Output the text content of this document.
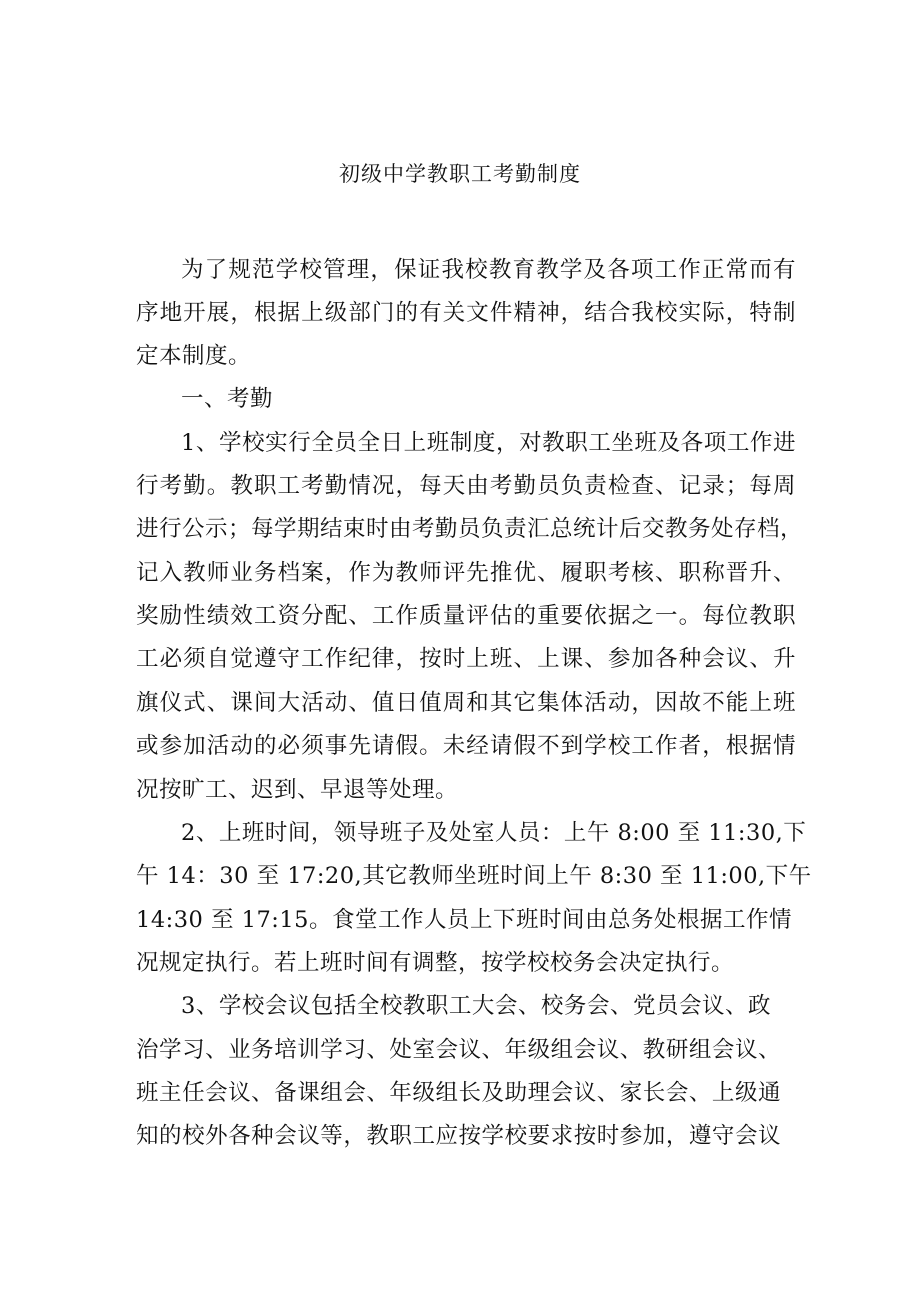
初级中学教职工考勤制度
为了规范学校管理，保证我校教育教学及各项工作正常而有
序地开展，根据上级部门的有关文件精神，结合我校实际，特制
定本制度。
一、考勤
1、学校实行全员全日上班制度，对教职工坐班及各项工作进
行考勤。教职工考勤情况，每天由考勤员负责检查、记录；每周
进行公示；每学期结束时由考勤员负责汇总统计后交教务处存档，
记入教师业务档案，作为教师评先推优、履职考核、职称晋升、
奖励性绩效工资分配、工作质量评估的重要依据之一。每位教职
工必须自觉遵守工作纪律，按时上班、上课、参加各种会议、升
旗仪式、课间大活动、值日值周和其它集体活动，因故不能上班
或参加活动的必须事先请假。未经请假不到学校工作者，根据情
况按旷工、迟到、早退等处理。
2、上班时间，领导班子及处室人员：上午 8:00 至 11:30,下
午 14：30 至 17:20,其它教师坐班时间上午 8:30 至 11:00,下午
14:30 至 17:15。食堂工作人员上下班时间由总务处根据工作情
况规定执行。若上班时间有调整，按学校校务会决定执行。
3、学校会议包括全校教职工大会、校务会、党员会议、政
治学习、业务培训学习、处室会议、年级组会议、教研组会议、
班主任会议、备课组会、年级组长及助理会议、家长会、上级通
知的校外各种会议等，教职工应按学校要求按时参加，遵守会议
